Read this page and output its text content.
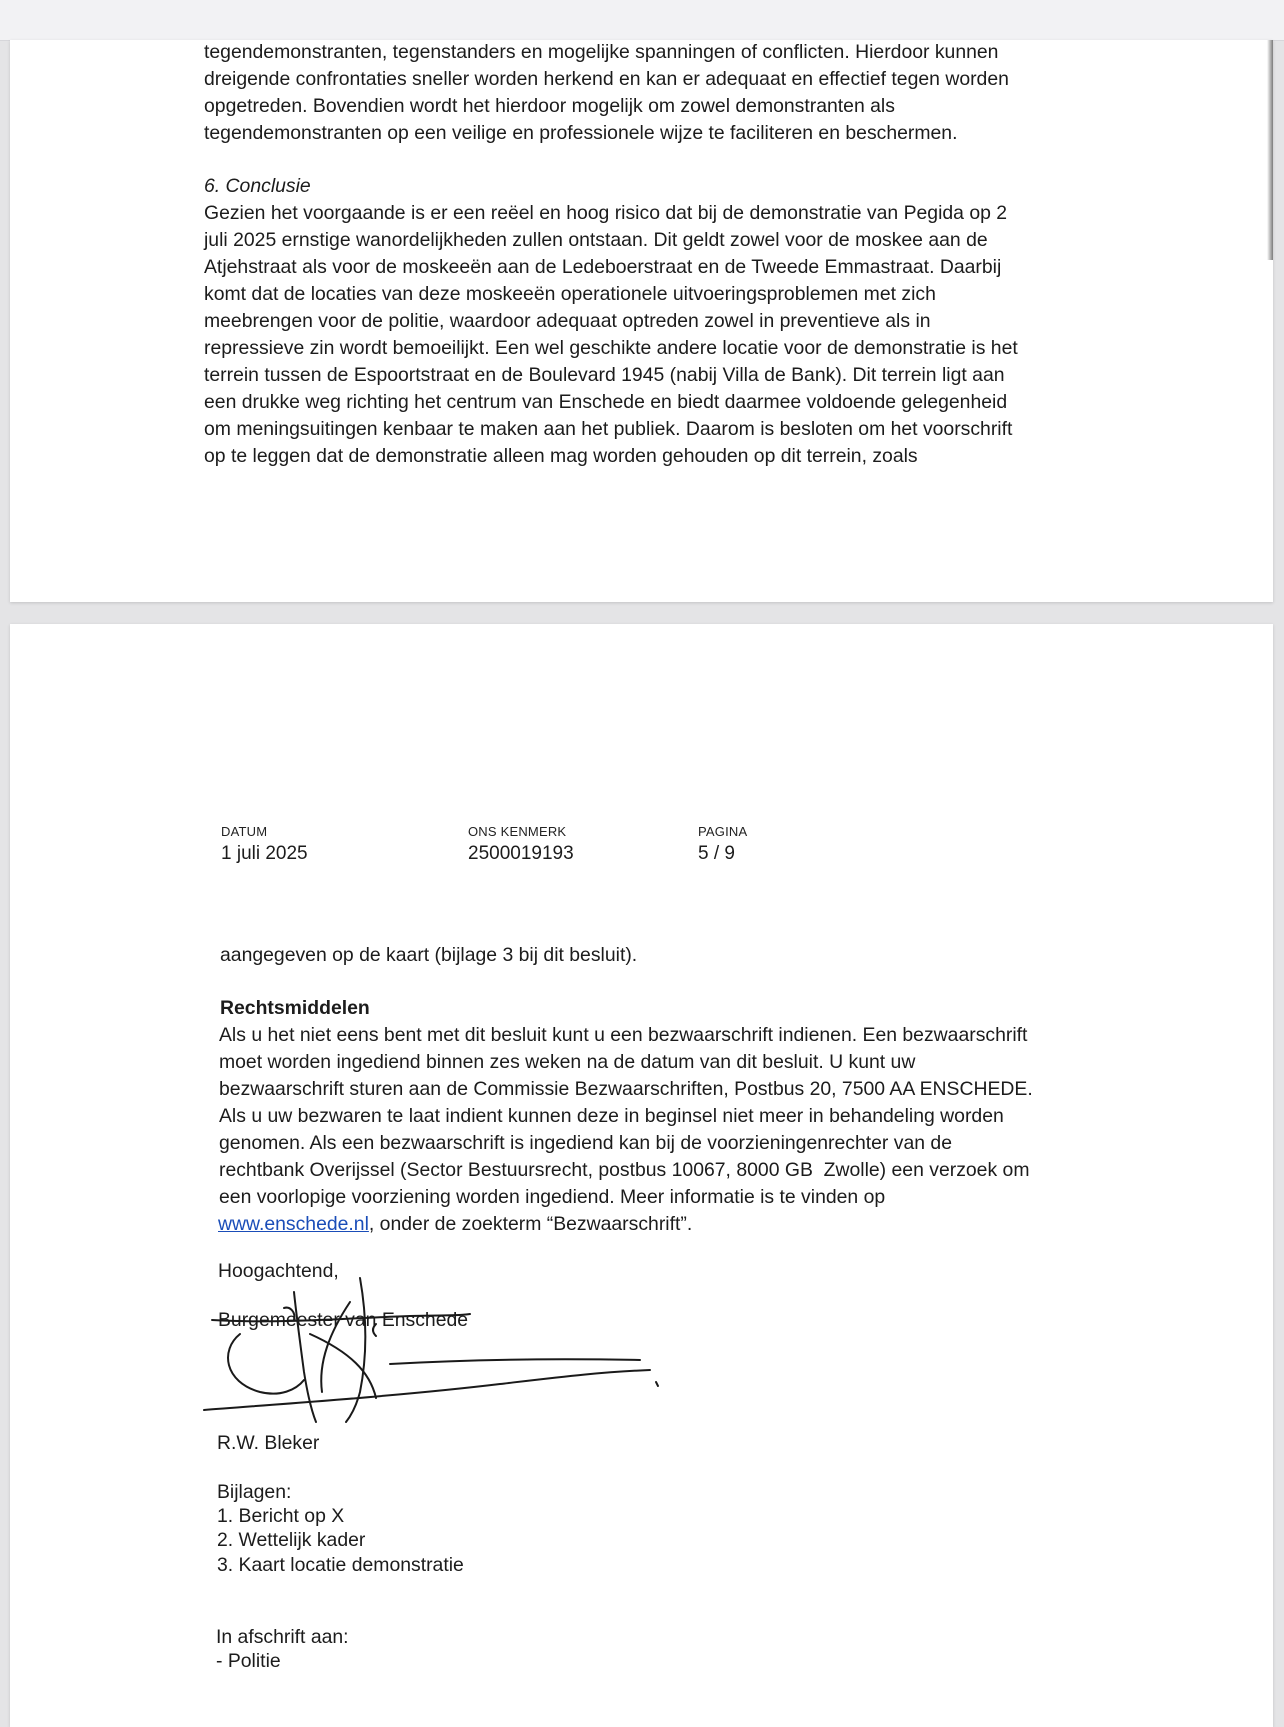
tegendemonstranten, tegenstanders en mogelijke spanningen of conflicten. Hierdoor kunnen
dreigende confrontaties sneller worden herkend en kan er adequaat en effectief tegen worden
opgetreden. Bovendien wordt het hierdoor mogelijk om zowel demonstranten als
tegendemonstranten op een veilige en professionele wijze te faciliteren en beschermen.
6. Conclusie
Gezien het voorgaande is er een reëel en hoog risico dat bij de demonstratie van Pegida op 2
juli 2025 ernstige wanordelijkheden zullen ontstaan. Dit geldt zowel voor de moskee aan de
Atjehstraat als voor de moskeeën aan de Ledeboerstraat en de Tweede Emmastraat. Daarbij
komt dat de locaties van deze moskeeën operationele uitvoeringsproblemen met zich
meebrengen voor de politie, waardoor adequaat optreden zowel in preventieve als in
repressieve zin wordt bemoeilijkt. Een wel geschikte andere locatie voor de demonstratie is het
terrein tussen de Espoortstraat en de Boulevard 1945 (nabij Villa de Bank). Dit terrein ligt aan
een drukke weg richting het centrum van Enschede en biedt daarmee voldoende gelegenheid
om meningsuitingen kenbaar te maken aan het publiek. Daarom is besloten om het voorschrift
op te leggen dat de demonstratie alleen mag worden gehouden op dit terrein, zoals
DATUM
1 juli 2025
ONS KENMERK
2500019193
PAGINA
5 / 9
aangegeven op de kaart (bijlage 3 bij dit besluit).
Rechtsmiddelen
Als u het niet eens bent met dit besluit kunt u een bezwaarschrift indienen. Een bezwaarschrift
moet worden ingediend binnen zes weken na de datum van dit besluit. U kunt uw
bezwaarschrift sturen aan de Commissie Bezwaarschriften, Postbus 20, 7500 AA ENSCHEDE.
Als u uw bezwaren te laat indient kunnen deze in beginsel niet meer in behandeling worden
genomen. Als een bezwaarschrift is ingediend kan bij de voorzieningenrechter van de
rechtbank Overijssel (Sector Bestuursrecht, postbus 10067, 8000 GB  Zwolle) een verzoek om
een voorlopige voorziening worden ingediend. Meer informatie is te vinden op
www.enschede.nl, onder de zoekterm “Bezwaarschrift”.
Hoogachtend,
Burgemeester van Enschede
R.W. Bleker
Bijlagen:
1. Bericht op X
2. Wettelijk kader
3. Kaart locatie demonstratie
In afschrift aan:
- Politie
